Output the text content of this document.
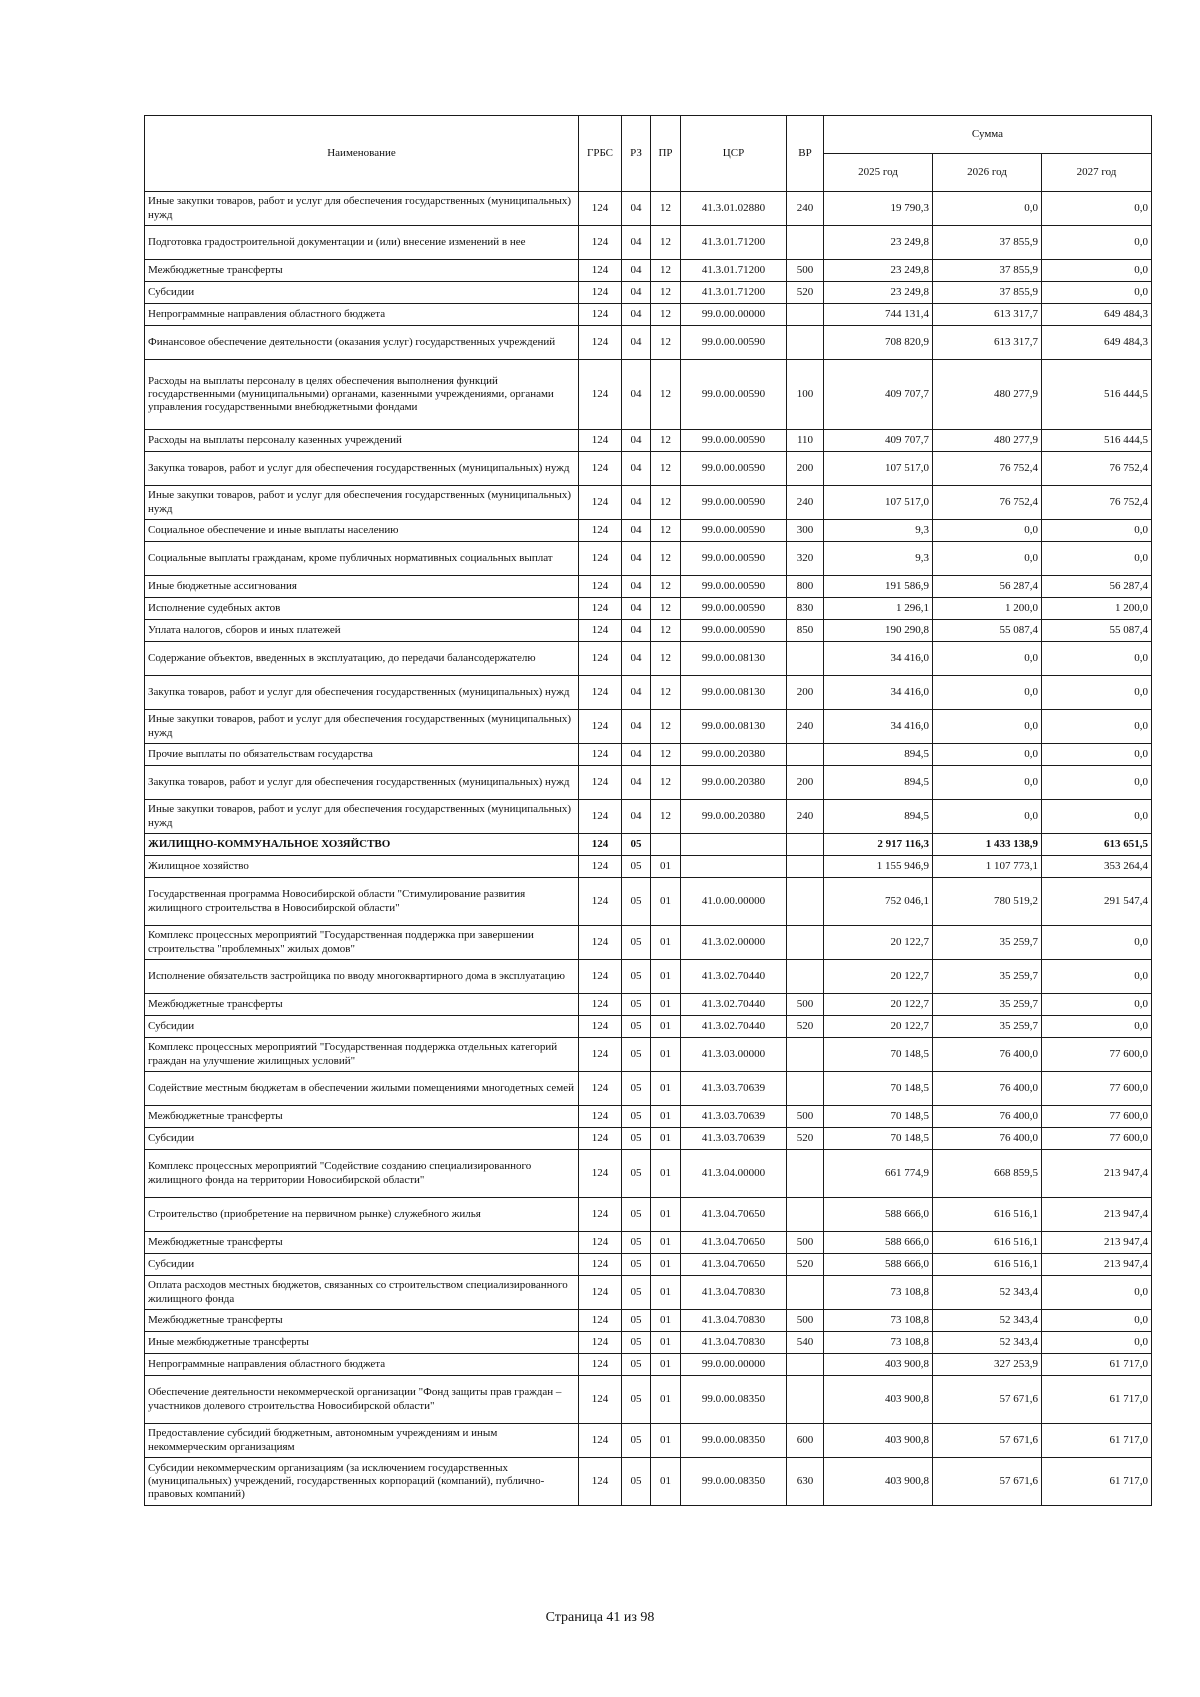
Наименование	ГРБС	РЗ	ПР	ЦСР	ВР	Сумма		
						2025 год	2026 год	2027 год
Иные закупки товаров, работ и услуг для обеспечения государственных (муниципальных) нужд	124	04	12	41.3.01.02880	240	19 790,3	0,0	0,0
Подготовка градостроительной документации и (или) внесение изменений в нее	124	04	12	41.3.01.71200		23 249,8	37 855,9	0,0
Межбюджетные трансферты	124	04	12	41.3.01.71200	500	23 249,8	37 855,9	0,0
Субсидии	124	04	12	41.3.01.71200	520	23 249,8	37 855,9	0,0
Непрограммные направления областного бюджета	124	04	12	99.0.00.00000		744 131,4	613 317,7	649 484,3
Финансовое обеспечение деятельности (оказания услуг) государственных учреждений	124	04	12	99.0.00.00590		708 820,9	613 317,7	649 484,3
Расходы на выплаты персоналу в целях обеспечения выполнения функций государственными (муниципальными) органами, казенными учреждениями, органами управления государственными внебюджетными фондами	124	04	12	99.0.00.00590	100	409 707,7	480 277,9	516 444,5
Расходы на выплаты персоналу казенных учреждений	124	04	12	99.0.00.00590	110	409 707,7	480 277,9	516 444,5
Закупка товаров, работ и услуг для обеспечения государственных (муниципальных) нужд	124	04	12	99.0.00.00590	200	107 517,0	76 752,4	76 752,4
Иные закупки товаров, работ и услуг для обеспечения государственных (муниципальных) нужд	124	04	12	99.0.00.00590	240	107 517,0	76 752,4	76 752,4
Социальное обеспечение и иные выплаты населению	124	04	12	99.0.00.00590	300	9,3	0,0	0,0
Социальные выплаты гражданам, кроме публичных нормативных социальных выплат	124	04	12	99.0.00.00590	320	9,3	0,0	0,0
Иные бюджетные ассигнования	124	04	12	99.0.00.00590	800	191 586,9	56 287,4	56 287,4
Исполнение судебных актов	124	04	12	99.0.00.00590	830	1 296,1	1 200,0	1 200,0
Уплата налогов, сборов и иных платежей	124	04	12	99.0.00.00590	850	190 290,8	55 087,4	55 087,4
Содержание объектов, введенных в эксплуатацию, до передачи балансодержателю	124	04	12	99.0.00.08130		34 416,0	0,0	0,0
Закупка товаров, работ и услуг для обеспечения государственных (муниципальных) нужд	124	04	12	99.0.00.08130	200	34 416,0	0,0	0,0
Иные закупки товаров, работ и услуг для обеспечения государственных (муниципальных) нужд	124	04	12	99.0.00.08130	240	34 416,0	0,0	0,0
Прочие выплаты по обязательствам государства	124	04	12	99.0.00.20380		894,5	0,0	0,0
Закупка товаров, работ и услуг для обеспечения государственных (муниципальных) нужд	124	04	12	99.0.00.20380	200	894,5	0,0	0,0
Иные закупки товаров, работ и услуг для обеспечения государственных (муниципальных) нужд	124	04	12	99.0.00.20380	240	894,5	0,0	0,0
ЖИЛИЩНО-КОММУНАЛЬНОЕ ХОЗЯЙСТВО	124	05				2 917 116,3	1 433 138,9	613 651,5
Жилищное хозяйство	124	05	01			1 155 946,9	1 107 773,1	353 264,4
Государственная программа Новосибирской области "Стимулирование развития жилищного строительства в Новосибирской области"	124	05	01	41.0.00.00000		752 046,1	780 519,2	291 547,4
Комплекс процессных мероприятий "Государственная поддержка при завершении строительства "проблемных" жилых домов"	124	05	01	41.3.02.00000		20 122,7	35 259,7	0,0
Исполнение обязательств застройщика по вводу многоквартирного дома в эксплуатацию	124	05	01	41.3.02.70440		20 122,7	35 259,7	0,0
Межбюджетные трансферты	124	05	01	41.3.02.70440	500	20 122,7	35 259,7	0,0
Субсидии	124	05	01	41.3.02.70440	520	20 122,7	35 259,7	0,0
Комплекс процессных мероприятий "Государственная поддержка отдельных категорий граждан на улучшение жилищных условий"	124	05	01	41.3.03.00000		70 148,5	76 400,0	77 600,0
Содействие местным бюджетам в обеспечении жилыми помещениями многодетных семей	124	05	01	41.3.03.70639		70 148,5	76 400,0	77 600,0
Межбюджетные трансферты	124	05	01	41.3.03.70639	500	70 148,5	76 400,0	77 600,0
Субсидии	124	05	01	41.3.03.70639	520	70 148,5	76 400,0	77 600,0
Комплекс процессных мероприятий "Содействие созданию специализированного жилищного фонда на территории Новосибирской области"	124	05	01	41.3.04.00000		661 774,9	668 859,5	213 947,4
Строительство (приобретение на первичном рынке) служебного жилья	124	05	01	41.3.04.70650		588 666,0	616 516,1	213 947,4
Межбюджетные трансферты	124	05	01	41.3.04.70650	500	588 666,0	616 516,1	213 947,4
Субсидии	124	05	01	41.3.04.70650	520	588 666,0	616 516,1	213 947,4
Оплата расходов местных бюджетов, связанных со строительством специализированного жилищного фонда	124	05	01	41.3.04.70830		73 108,8	52 343,4	0,0
Межбюджетные трансферты	124	05	01	41.3.04.70830	500	73 108,8	52 343,4	0,0
Иные межбюджетные трансферты	124	05	01	41.3.04.70830	540	73 108,8	52 343,4	0,0
Непрограммные направления областного бюджета	124	05	01	99.0.00.00000		403 900,8	327 253,9	61 717,0
Обеспечение деятельности некоммерческой организации "Фонд защиты прав граждан – участников долевого строительства Новосибирской области"	124	05	01	99.0.00.08350		403 900,8	57 671,6	61 717,0
Предоставление субсидий бюджетным, автономным учреждениям и иным некоммерческим организациям	124	05	01	99.0.00.08350	600	403 900,8	57 671,6	61 717,0
Субсидии некоммерческим организациям (за исключением государственных (муниципальных) учреждений, государственных корпораций (компаний), публично-правовых компаний)	124	05	01	99.0.00.08350	630	403 900,8	57 671,6	61 717,0
Страница 41 из 98
